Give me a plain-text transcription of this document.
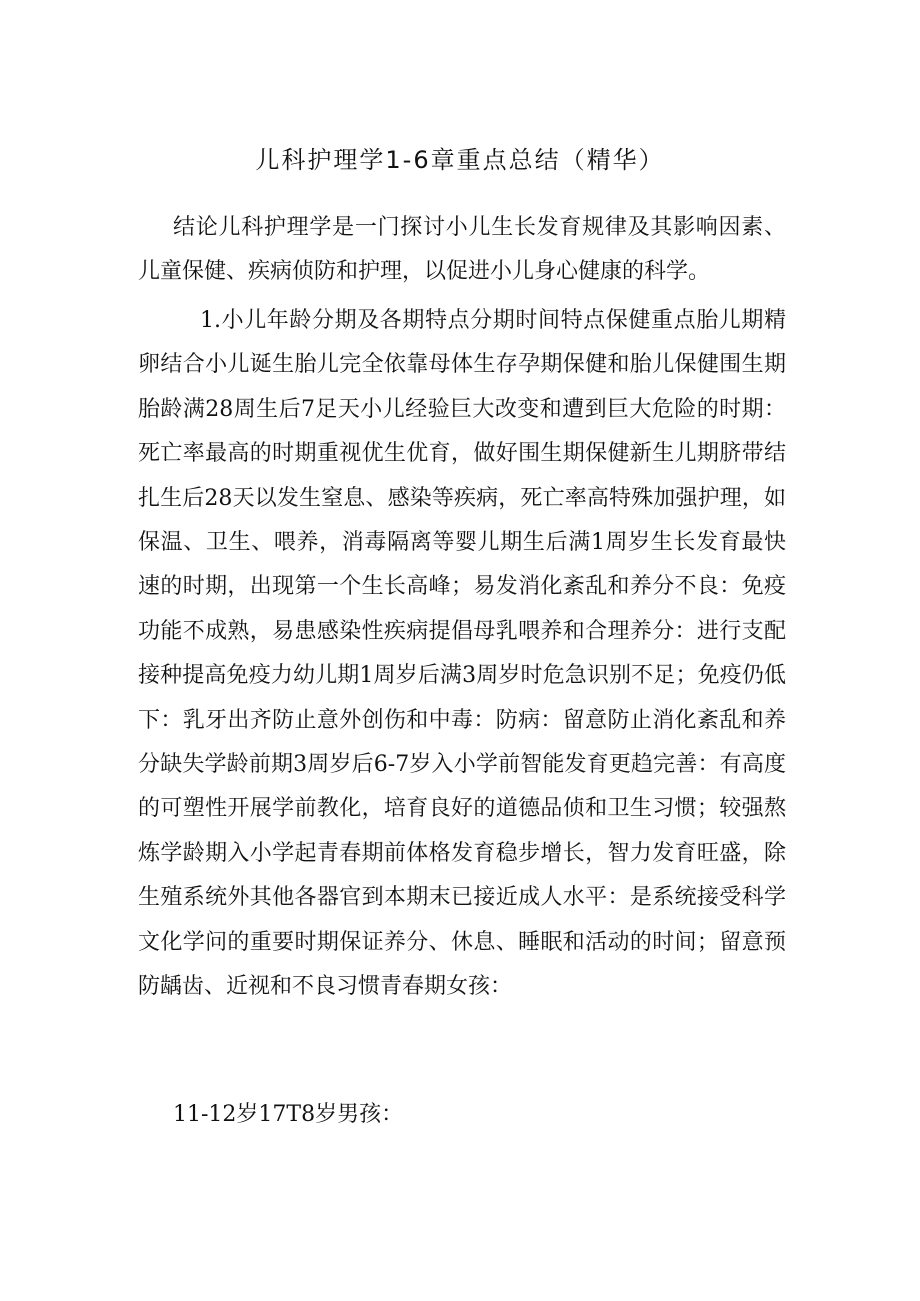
儿科护理学1-6章重点总结（精华）

结论儿科护理学是一门探讨小儿生长发育规律及其影响因素、儿童保健、疾病侦防和护理，以促进小儿身心健康的科学。

1.小儿年龄分期及各期特点分期时间特点保健重点胎儿期精卵结合小儿诞生胎儿完全依靠母体生存孕期保健和胎儿保健围生期胎龄满28周生后7足天小儿经验巨大改变和遭到巨大危险的时期：死亡率最高的时期重视优生优育，做好围生期保健新生儿期脐带结扎生后28天以发生窒息、感染等疾病，死亡率高特殊加强护理，如保温、卫生、喂养，消毒隔离等婴儿期生后满1周岁生长发育最快速的时期，出现第一个生长高峰；易发消化紊乱和养分不良：免疫功能不成熟，易患感染性疾病提倡母乳喂养和合理养分：进行支配接种提高免疫力幼儿期1周岁后满3周岁时危急识别不足；免疫仍低下：乳牙出齐防止意外创伤和中毒：防病：留意防止消化紊乱和养分缺失学龄前期3周岁后6-7岁入小学前智能发育更趋完善：有高度的可塑性开展学前教化，培育良好的道德品侦和卫生习惯；较强熬炼学龄期入小学起青春期前体格发育稳步增长，智力发育旺盛，除生殖系统外其他各器官到本期末已接近成人水平：是系统接受科学文化学问的重要时期保证养分、休息、睡眠和活动的时间；留意预防龋齿、近视和不良习惯青春期女孩：

11-12岁17T8岁男孩：
